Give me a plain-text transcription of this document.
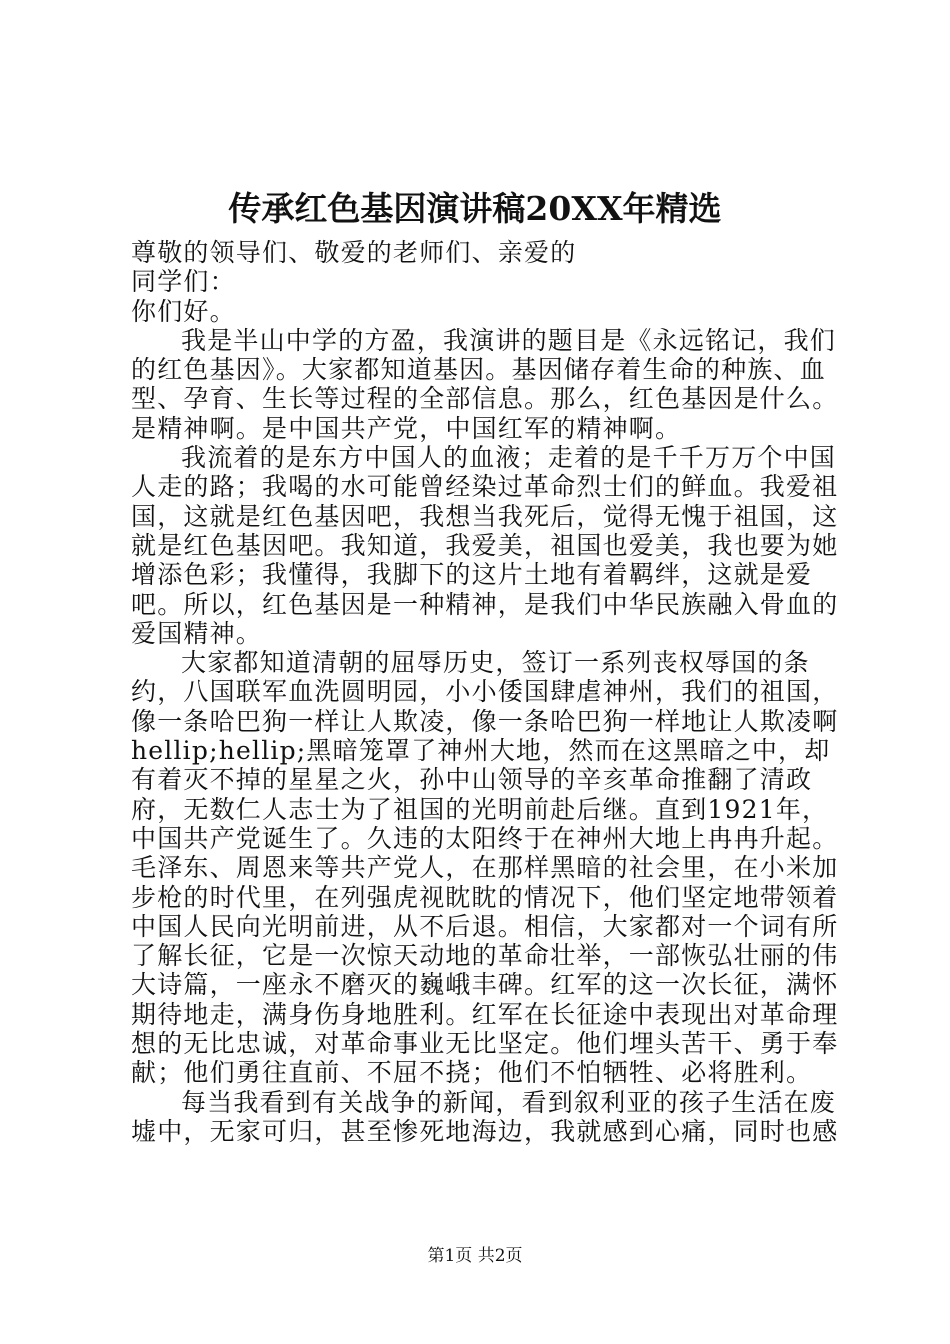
传承红色基因演讲稿20XX年精选

尊敬的领导们、敬爱的老师们、亲爱的

同学们：

你们好。

我是半山中学的方盈，我演讲的题目是《永远铭记，我们的红色基因》。大家都知道基因。基因储存着生命的种族、血型、孕育、生长等过程的全部信息。那么，红色基因是什么。是精神啊。是中国共产党，中国红军的精神啊。

我流着的是东方中国人的血液；走着的是千千万万个中国人走的路；我喝的水可能曾经染过革命烈士们的鲜血。我爱祖国，这就是红色基因吧，我想当我死后，觉得无愧于祖国，这就是红色基因吧。我知道，我爱美，祖国也爱美，我也要为她增添色彩；我懂得，我脚下的这片土地有着羁绊，这就是爱吧。所以，红色基因是一种精神，是我们中华民族融入骨血的爱国精神。

大家都知道清朝的屈辱历史，签订一系列丧权辱国的条约，八国联军血洗圆明园，小小倭国肆虐神州，我们的祖国，像一条哈巴狗一样让人欺凌，像一条哈巴狗一样地让人欺凌啊hellip;hellip;黑暗笼罩了神州大地，然而在这黑暗之中，却有着灭不掉的星星之火，孙中山领导的辛亥革命推翻了清政府，无数仁人志士为了祖国的光明前赴后继。直到1921年，中国共产党诞生了。久违的太阳终于在神州大地上冉冉升起。毛泽东、周恩来等共产党人，在那样黑暗的社会里，在小米加步枪的时代里，在列强虎视眈眈的情况下，他们坚定地带领着中国人民向光明前进，从不后退。相信，大家都对一个词有所了解长征，它是一次惊天动地的革命壮举，一部恢弘壮丽的伟大诗篇，一座永不磨灭的巍峨丰碑。红军的这一次长征，满怀期待地走，满身伤身地胜利。红军在长征途中表现出对革命理想的无比忠诚，对革命事业无比坚定。他们埋头苦干、勇于奉献；他们勇往直前、不屈不挠；他们不怕牺牲、必将胜利。

每当我看到有关战争的新闻，看到叙利亚的孩子生活在废墟中，无家可归，甚至惨死地海边，我就感到心痛，同时也感

第1页 共2页
